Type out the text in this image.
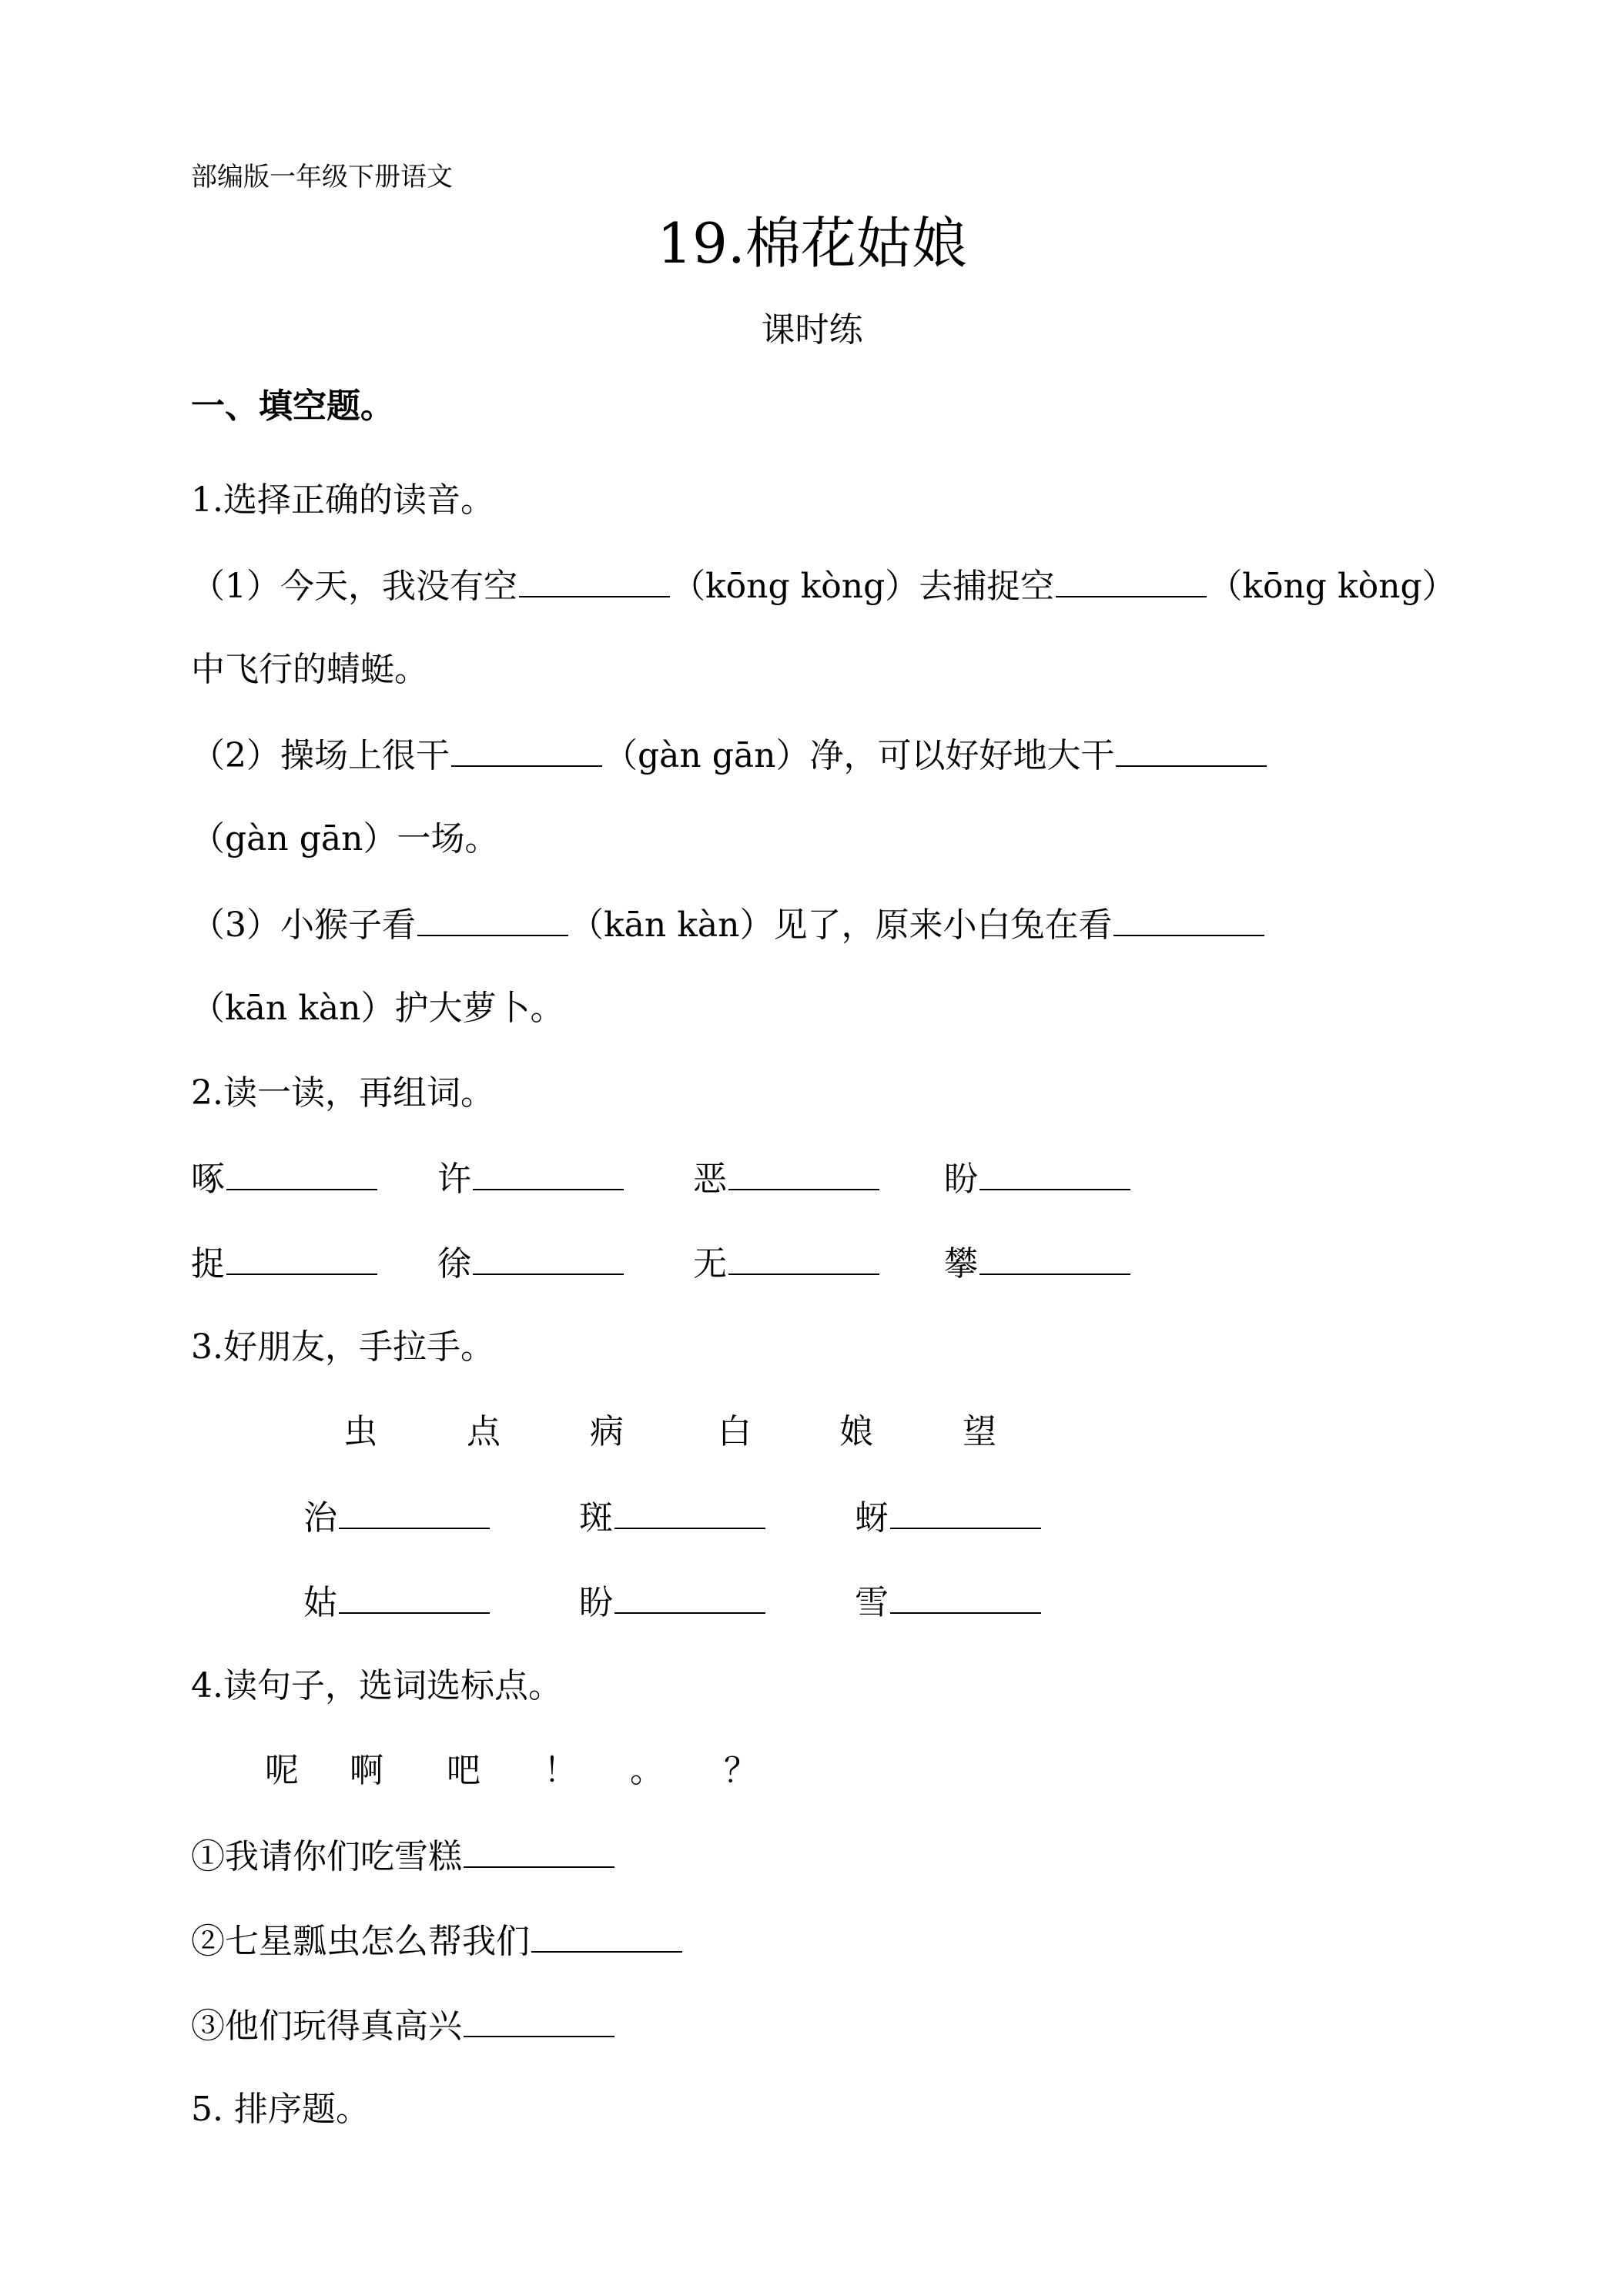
部编版一年级下册语文
19.棉花姑娘
课时练
一、填空题。
1.选择正确的读音。
（1）今天，我没有空	（kōng kòng）去捕捉空	（kōng kòng）
中飞行的蜻蜓。
（2）操场上很干	（gàn gān）净，可以好好地大干
（gàn gān）一场。
（3）小猴子看	（kān kàn）见了，原来小白兔在看
（kān kàn）护大萝卜。
2.读一读，再组词。
啄	许	恶	盼
捉	徐	无	攀
3.好朋友，手拉手。
虫	点	病	白	娘	望
治	斑	蚜
姑	盼	雪
4.读句子，选词选标点。
呢 啊 吧 ！ 。 ？
①我请你们吃雪糕
②七星瓢虫怎么帮我们
③他们玩得真高兴
5. 排序题。
